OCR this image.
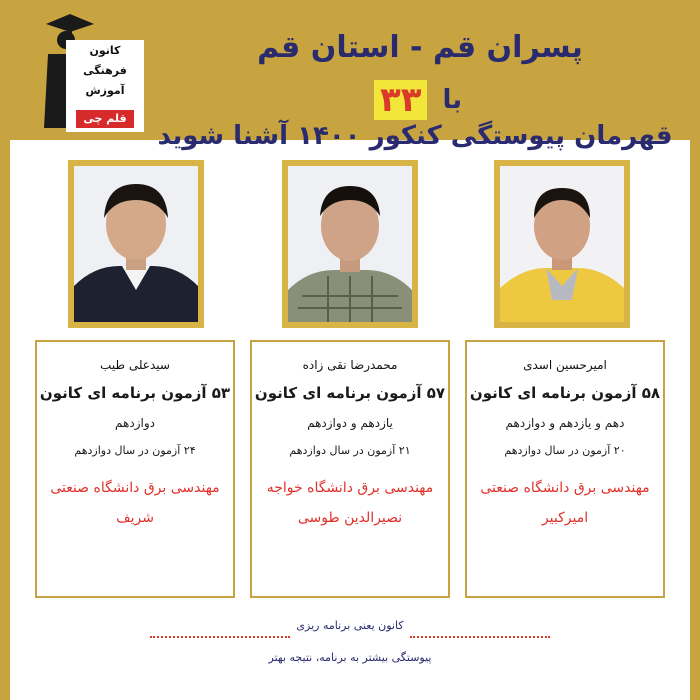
کانون
فرهنگی
آموزش
قلم چی
پسران قم - استان قم
با ۳۳ قهرمان پیوستگی کنکور ۱۴۰۰ آشنا شوید
سیدعلی طیب
۵۳ آزمون برنامه ای کانون
دوازدهم
۲۴ آزمون در سال دوازدهم
مهندسی برق دانشگاه صنعتی
شریف
محمدرضا نقی زاده
۵۷ آزمون برنامه ای کانون
یازدهم و دوازدهم
۲۱ آزمون در سال دوازدهم
مهندسی برق دانشگاه خواجه
نصیرالدین طوسی
امیرحسین اسدی
۵۸ آزمون برنامه ای کانون
دهم و یازدهم و دوازدهم
۲۰ آزمون در سال دوازدهم
مهندسی برق دانشگاه صنعتی
امیرکبیر
کانون یعنی برنامه ریزی
پیوستگی بیشتر به برنامه، نتیجه بهتر
